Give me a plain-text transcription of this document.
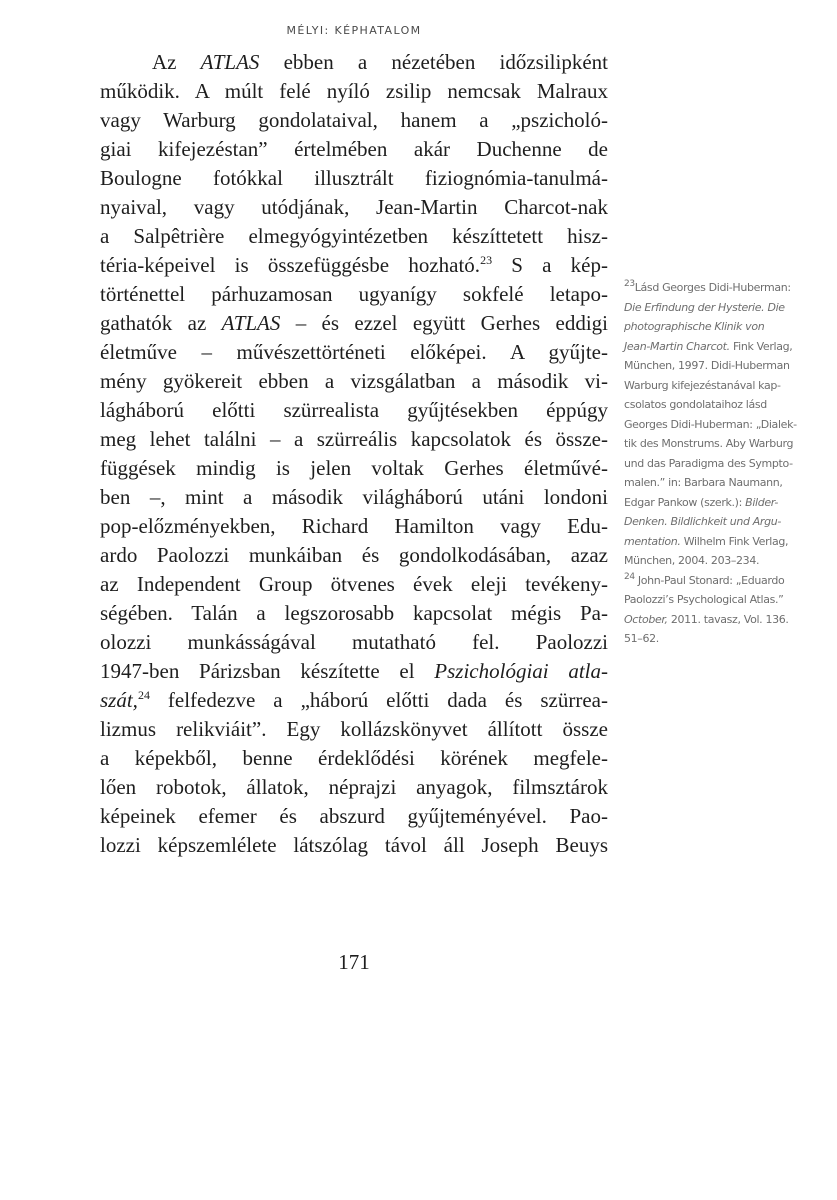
MÉLYI: KÉPHATALOM
Az ATLAS ebben a nézetében időzsilipként
működik. A múlt felé nyíló zsilip nemcsak Malraux
vagy Warburg gondolataival, hanem a „pszicholó-
giai kifejezéstan” értelmében akár Duchenne de
Boulogne fotókkal illusztrált fiziognómia-tanulmá-
nyaival, vagy utódjának, Jean-Martin Charcot-nak
a Salpêtrière elmegyógyintézetben készíttetett hisz-
téria-képeivel is összefüggésbe hozható.$^{23}$ S a kép-
történettel párhuzamosan ugyanígy sokfelé letapo-
gathatók az ATLAS – és ezzel együtt Gerhes eddigi
életműve – művészettörténeti előképei. A gyűjte-
mény gyökereit ebben a vizsgálatban a második vi-
lágháború előtti szürrealista gyűjtésekben éppúgy
meg lehet találni – a szürreális kapcsolatok és össze-
függések mindig is jelen voltak Gerhes életművé-
ben –, mint a második világháború utáni londoni
pop-előzményekben, Richard Hamilton vagy Edu-
ardo Paolozzi munkáiban és gondolkodásában, azaz
az Independent Group ötvenes évek eleji tevékeny-
ségében. Talán a legszorosabb kapcsolat mégis Pa-
olozzi munkásságával mutatható fel. Paolozzi
1947-ben Párizsban készítette el Pszichológiai atla-
szát,$^{24}$ felfedezve a „háború előtti dada és szürrea-
lizmus relikviáit”. Egy kollázskönyvet állított össze
a képekből, benne érdeklődési körének megfele-
lően robotok, állatok, néprajzi anyagok, filmsztárok
képeinek efemer és abszurd gyűjteményével. Pao-
lozzi képszemlélete látszólag távol áll Joseph Beuys
$^{23}$Lásd Georges Didi-Huberman:
Die Erfindung der Hysterie. Die
photographische Klinik von
Jean-Martin Charcot. Fink Verlag,
München, 1997. Didi-Huberman
Warburg kifejezéstanával kap-
csolatos gondolataihoz lásd
Georges Didi-Huberman: „Dialek-
tik des Monstrums. Aby Warburg
und das Paradigma des Sympto-
malen.” in: Barbara Naumann,
Edgar Pankow (szerk.): Bilder-
Denken. Bildlichkeit und Argu-
mentation. Wilhelm Fink Verlag,
München, 2004. 203–234.
$^{24}$ John-Paul Stonard: „Eduardo
Paolozzi’s Psychological Atlas.”
October, 2011. tavasz, Vol. 136.
51–62.
171
